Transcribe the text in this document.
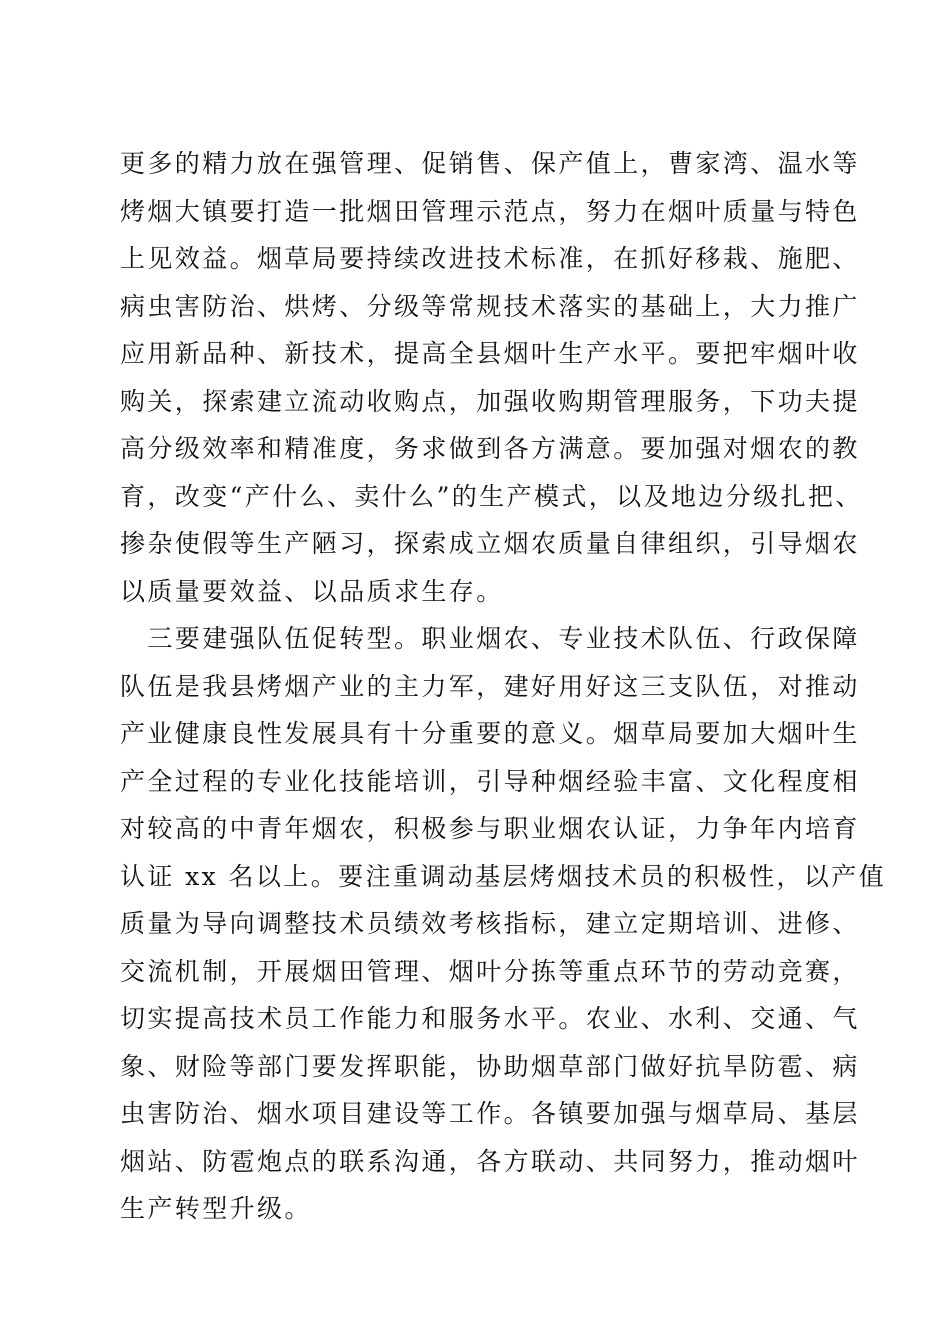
更多的精力放在强管理、促销售、保产值上，曹家湾、温水等
烤烟大镇要打造一批烟田管理示范点，努力在烟叶质量与特色
上见效益。烟草局要持续改进技术标准，在抓好移栽、施肥、
病虫害防治、烘烤、分级等常规技术落实的基础上，大力推广
应用新品种、新技术，提高全县烟叶生产水平。要把牢烟叶收
购关，探索建立流动收购点，加强收购期管理服务，下功夫提
高分级效率和精准度，务求做到各方满意。要加强对烟农的教
育，改变“产什么、卖什么”的生产模式，以及地边分级扎把、
掺杂使假等生产陋习，探索成立烟农质量自律组织，引导烟农
以质量要效益、以品质求生存。
　三要建强队伍促转型。职业烟农、专业技术队伍、行政保障
队伍是我县烤烟产业的主力军，建好用好这三支队伍，对推动
产业健康良性发展具有十分重要的意义。烟草局要加大烟叶生
产全过程的专业化技能培训，引导种烟经验丰富、文化程度相
对较高的中青年烟农，积极参与职业烟农认证，力争年内培育
认证 xx 名以上。要注重调动基层烤烟技术员的积极性，以产值
质量为导向调整技术员绩效考核指标，建立定期培训、进修、
交流机制，开展烟田管理、烟叶分拣等重点环节的劳动竞赛，
切实提高技术员工作能力和服务水平。农业、水利、交通、气
象、财险等部门要发挥职能，协助烟草部门做好抗旱防雹、病
虫害防治、烟水项目建设等工作。各镇要加强与烟草局、基层
烟站、防雹炮点的联系沟通，各方联动、共同努力，推动烟叶
生产转型升级。
